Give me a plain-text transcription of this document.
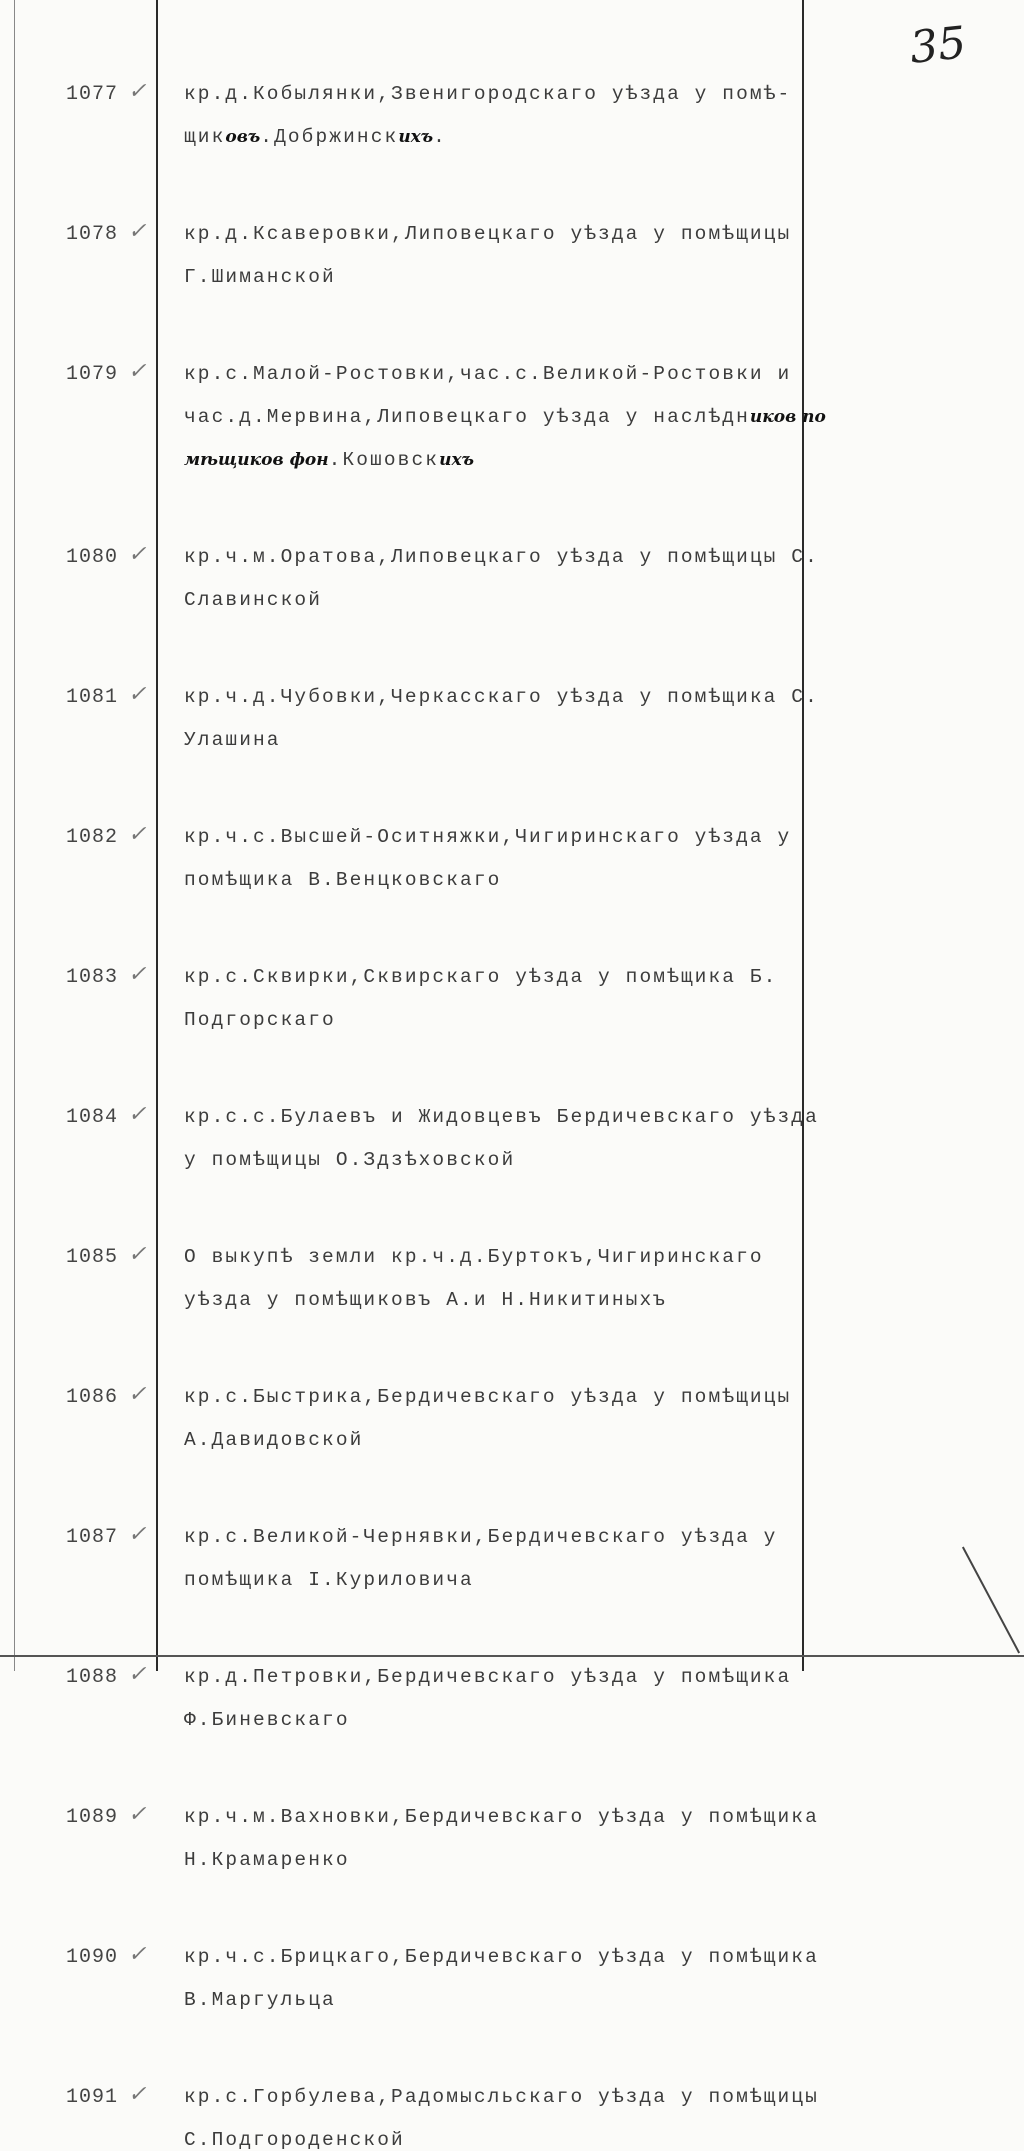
35
1077 ✓ кр.д.Кобылянки,Звенигородскаго уѣзда у помѣ-
щиковъ.Добржинскихъ.
1078 ✓ кр.д.Ксаверовки,Липовецкаго уѣзда у помѣщицы
Г.Шиманской
1079 ✓ кр.с.Малой-Ростовки,час.с.Великой-Ростовки и
час.д.Мервина,Липовецкаго уѣзда у наслѣдников по
мѣщиков фон.Кошовскихъ
1080 ✓ кр.ч.м.Оратова,Липовецкаго уѣзда у помѣщицы С.
Славинской
1081 ✓ кр.ч.д.Чубовки,Черкасскаго уѣзда у помѣщика С.
Улашина
1082 ✓ кр.ч.с.Высшей-Оситняжки,Чигиринскаго уѣзда у
помѣщика В.Венцковскаго
1083 ✓ кр.с.Сквирки,Сквирскаго уѣзда у помѣщика Б.
Подгорскаго
1084 ✓ кр.с.с.Булаевъ и Жидовцевъ Бердичевскаго уѣзда
у помѣщицы О.Здзѣховской
1085 ✓ О выкупѣ земли кр.ч.д.Буртокъ,Чигиринскаго
уѣзда у помѣщиковъ А.и Н.Никитиныхъ
1086 ✓ кр.с.Быстрика,Бердичевскаго уѣзда у помѣщицы
А.Давидовской
1087 ✓ кр.с.Великой-Чернявки,Бердичевскаго уѣзда у
помѣщика I.Куриловича
1088 ✓ кр.д.Петровки,Бердичевскаго уѣзда у помѣщика
Ф.Биневскаго
1089 ✓ кр.ч.м.Вахновки,Бердичевскаго уѣзда у помѣщика
Н.Крамаренко
1090 ✓ кр.ч.с.Брицкаго,Бердичевскаго уѣзда у помѣщика
В.Маргульца
1091 ✓ кр.с.Горбулева,Радомысльскаго уѣзда у помѣщицы
С.Подгороденской
